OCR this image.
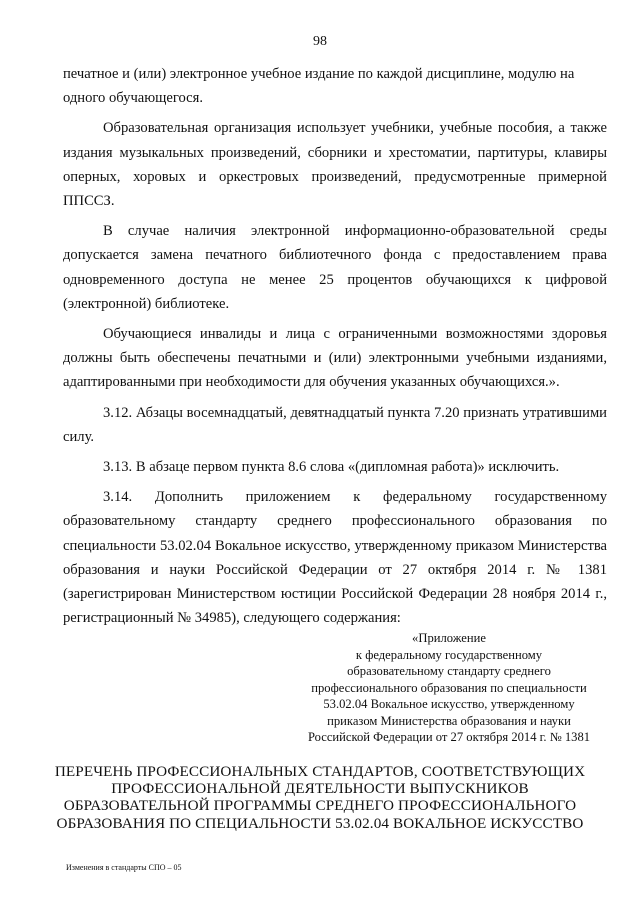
98

печатное и (или) электронное учебное издание по каждой дисциплине, модулю на одного обучающегося.

Образовательная организация использует учебники, учебные пособия, а также издания музыкальных произведений, сборники и хрестоматии, партитуры, клавиры оперных, хоровых и оркестровых произведений, предусмотренные примерной ППССЗ.

В случае наличия электронной информационно-образовательной среды допускается замена печатного библиотечного фонда с предоставлением права одновременного доступа не менее 25 процентов обучающихся к цифровой (электронной) библиотеке.

Обучающиеся инвалиды и лица с ограниченными возможностями здоровья должны быть обеспечены печатными и (или) электронными учебными изданиями, адаптированными при необходимости для обучения указанных обучающихся.».

3.12. Абзацы восемнадцатый, девятнадцатый пункта 7.20 признать утратившими силу.

3.13. В абзаце первом пункта 8.6 слова «(дипломная работа)» исключить.

3.14. Дополнить приложением к федеральному государственному образовательному стандарту среднего профессионального образования по специальности 53.02.04 Вокальное искусство, утвержденному приказом Министерства образования и науки Российской Федерации от 27 октября 2014 г. № 1381 (зарегистрирован Министерством юстиции Российской Федерации 28 ноября 2014 г., регистрационный № 34985), следующего содержания:

«Приложение
к федеральному государственному
образовательному стандарту среднего
профессионального образования по специальности
53.02.04 Вокальное искусство, утвержденному
приказом Министерства образования и науки
Российской Федерации от 27 октября 2014 г. № 1381
ПЕРЕЧЕНЬ ПРОФЕССИОНАЛЬНЫХ СТАНДАРТОВ, СООТВЕТСТВУЮЩИХ
ПРОФЕССИОНАЛЬНОЙ ДЕЯТЕЛЬНОСТИ ВЫПУСКНИКОВ
ОБРАЗОВАТЕЛЬНОЙ ПРОГРАММЫ СРЕДНЕГО ПРОФЕССИОНАЛЬНОГО
ОБРАЗОВАНИЯ ПО СПЕЦИАЛЬНОСТИ 53.02.04 ВОКАЛЬНОЕ ИСКУССТВО
Изменения в стандарты СПО – 05
